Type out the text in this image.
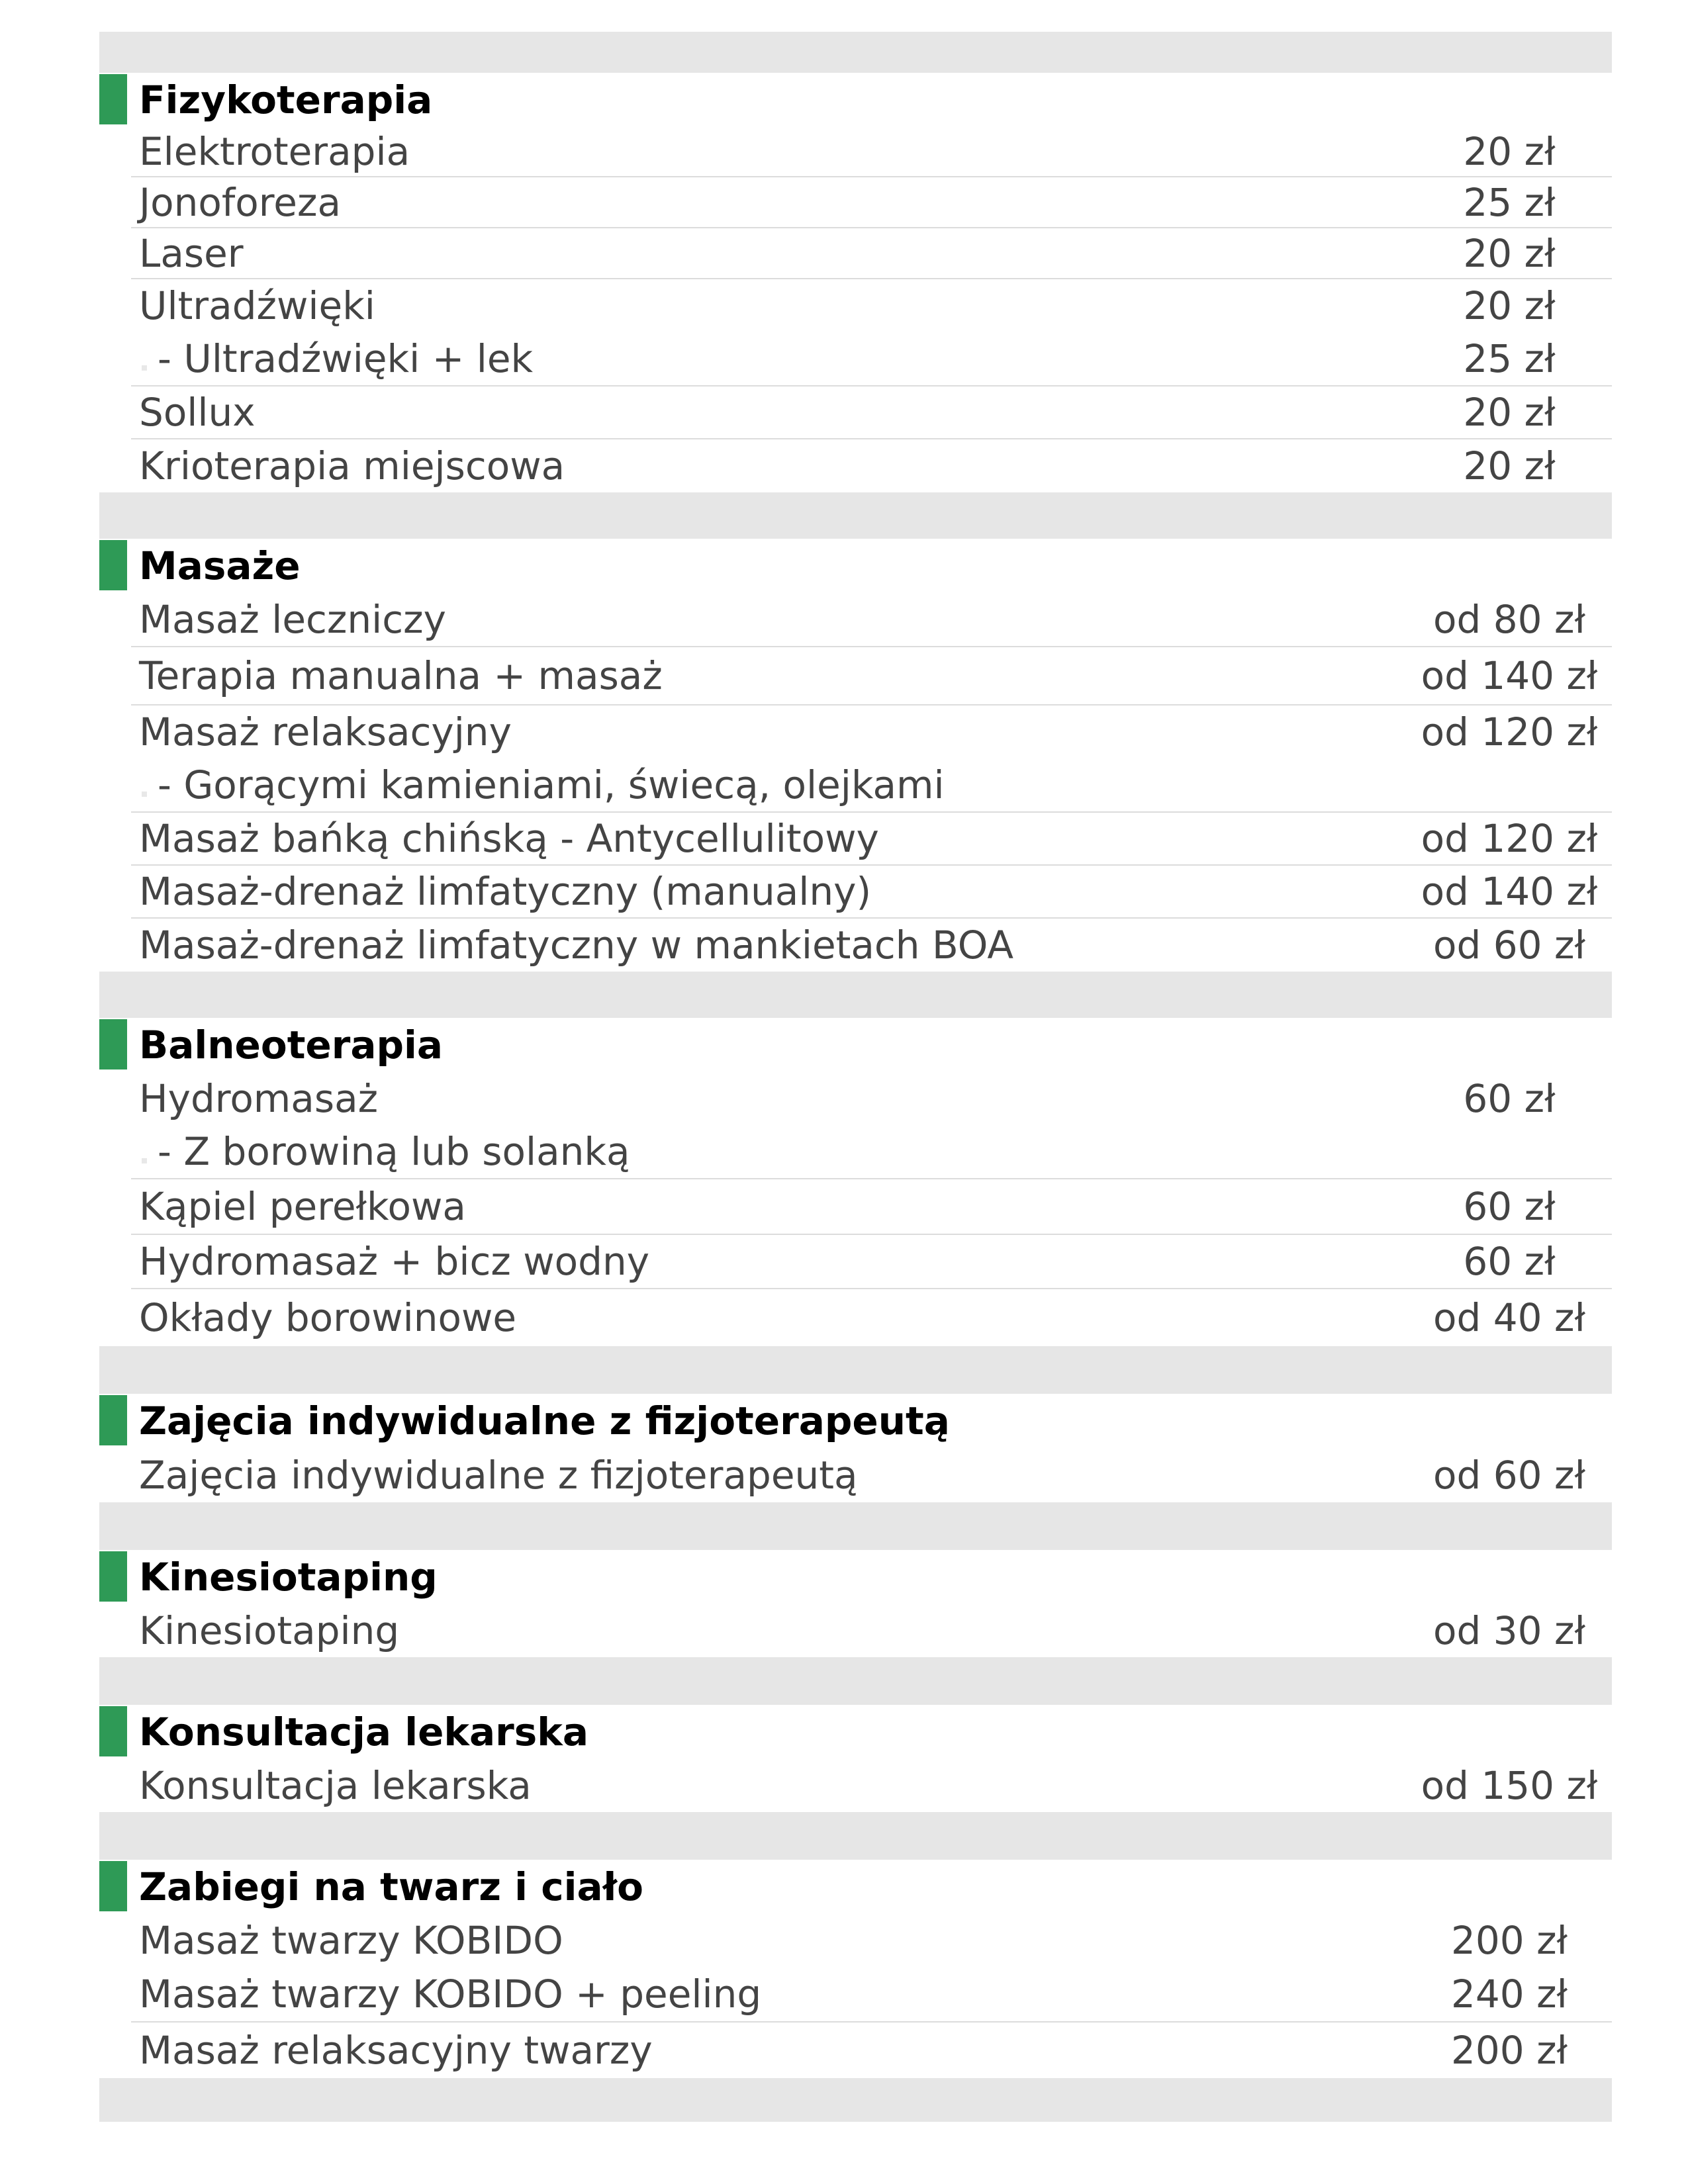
Fizykoterapia
Elektroterapia	20 zł
Jonoforeza	25 zł
Laser	20 zł
Ultradźwięki	20 zł
- Ultradźwięki + lek	25 zł
Sollux	20 zł
Krioterapia miejscowa	20 zł
Masaże
Masaż leczniczy	od 80 zł
Terapia manualna + masaż	od 140 zł
Masaż relaksacyjny	od 120 zł
- Gorącymi kamieniami, świecą, olejkami
Masaż bańką chińską - Antycellulitowy	od 120 zł
Masaż-drenaż limfatyczny (manualny)	od 140 zł
Masaż-drenaż limfatyczny w mankietach BOA	od 60 zł
Balneoterapia
Hydromasaż	60 zł
- Z borowiną lub solanką
Kąpiel perełkowa	60 zł
Hydromasaż + bicz wodny	60 zł
Okłady borowinowe	od 40 zł
Zajęcia indywidualne z fizjoterapeutą
Zajęcia indywidualne z fizjoterapeutą	od 60 zł
Kinesiotaping
Kinesiotaping	od 30 zł
Konsultacja lekarska
Konsultacja lekarska	od 150 zł
Zabiegi na twarz i ciało
Masaż twarzy KOBIDO	200 zł
Masaż twarzy KOBIDO + peeling	240 zł
Masaż relaksacyjny twarzy	200 zł
